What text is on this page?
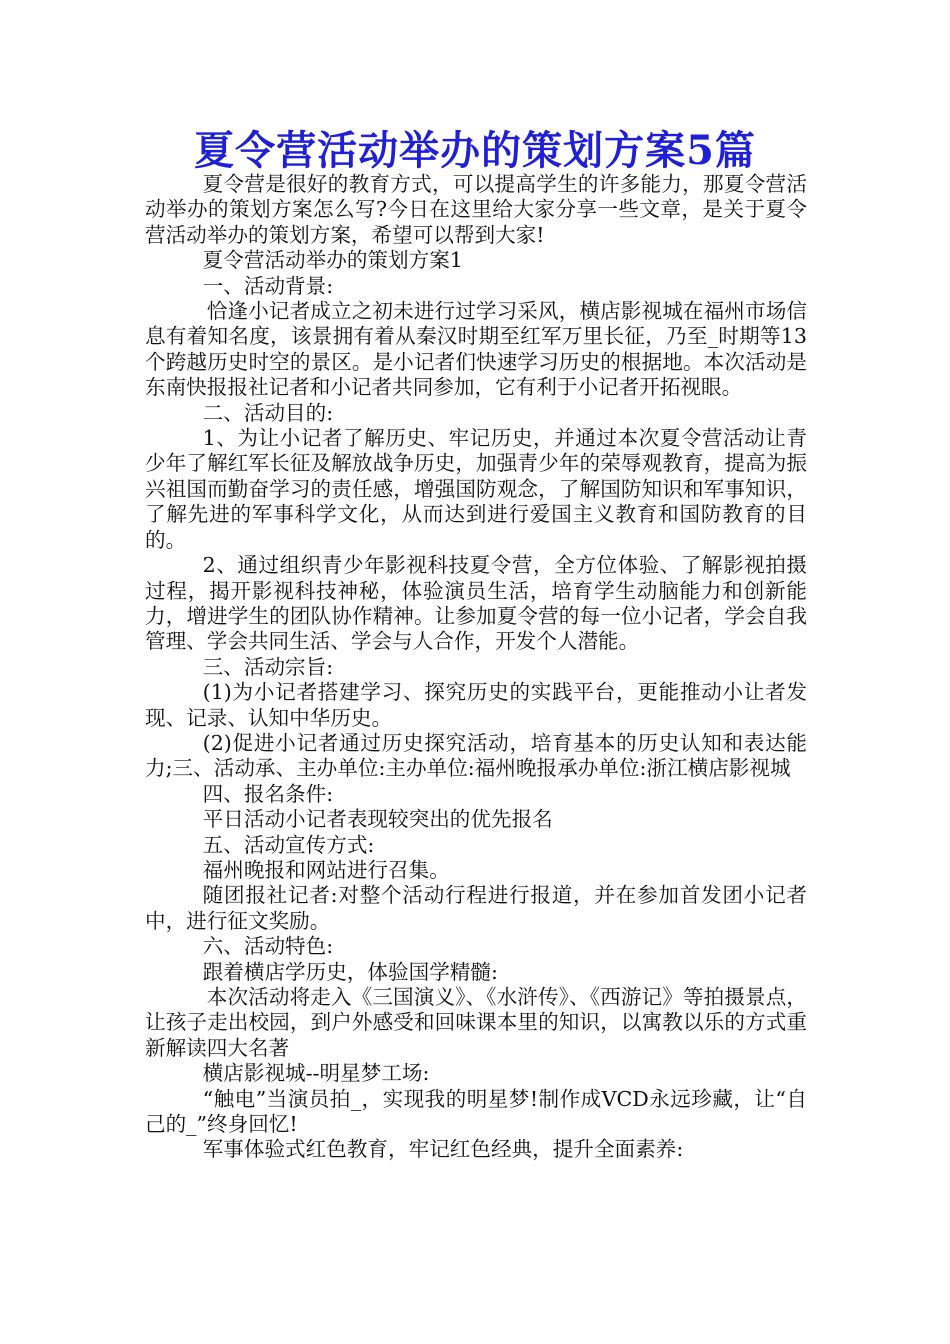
夏令营活动举办的策划方案5篇

夏令营是很好的教育方式，可以提高学生的许多能力，那夏令营活动举办的策划方案怎么写?今日在这里给大家分享一些文章，是关于夏令营活动举办的策划方案，希望可以帮到大家!

夏令营活动举办的策划方案1

一、活动背景:

恰逢小记者成立之初未进行过学习采风，横店影视城在福州市场信息有着知名度，该景拥有着从秦汉时期至红军万里长征，乃至_时期等13个跨越历史时空的景区。是小记者们快速学习历史的根据地。本次活动是东南快报报社记者和小记者共同参加，它有利于小记者开拓视眼。

二、活动目的:

1、为让小记者了解历史、牢记历史，并通过本次夏令营活动让青少年了解红军长征及解放战争历史，加强青少年的荣辱观教育，提高为振兴祖国而勤奋学习的责任感，增强国防观念，了解国防知识和军事知识，了解先进的军事科学文化，从而达到进行爱国主义教育和国防教育的目的。

2、通过组织青少年影视科技夏令营，全方位体验、了解影视拍摄过程，揭开影视科技神秘，体验演员生活，培育学生动脑能力和创新能力，增进学生的团队协作精神。让参加夏令营的每一位小记者，学会自我管理、学会共同生活、学会与人合作，开发个人潜能。

三、活动宗旨:

(1)为小记者搭建学习、探究历史的实践平台，更能推动小让者发现、记录、认知中华历史。

(2)促进小记者通过历史探究活动，培育基本的历史认知和表达能力;三、活动承、主办单位:主办单位:福州晚报承办单位:浙江横店影视城

四、报名条件:

平日活动小记者表现较突出的优先报名

五、活动宣传方式:

福州晚报和网站进行召集。

随团报社记者:对整个活动行程进行报道，并在参加首发团小记者中，进行征文奖励。

六、活动特色:

跟着横店学历史，体验国学精髓:

本次活动将走入《三国演义》、《水浒传》、《西游记》等拍摄景点，让孩子走出校园，到户外感受和回味课本里的知识，以寓教以乐的方式重新解读四大名著

横店影视城--明星梦工场:

“触电”当演员拍_，实现我的明星梦!制作成VCD永远珍藏，让“自己的_”终身回忆!

军事体验式红色教育，牢记红色经典，提升全面素养:
